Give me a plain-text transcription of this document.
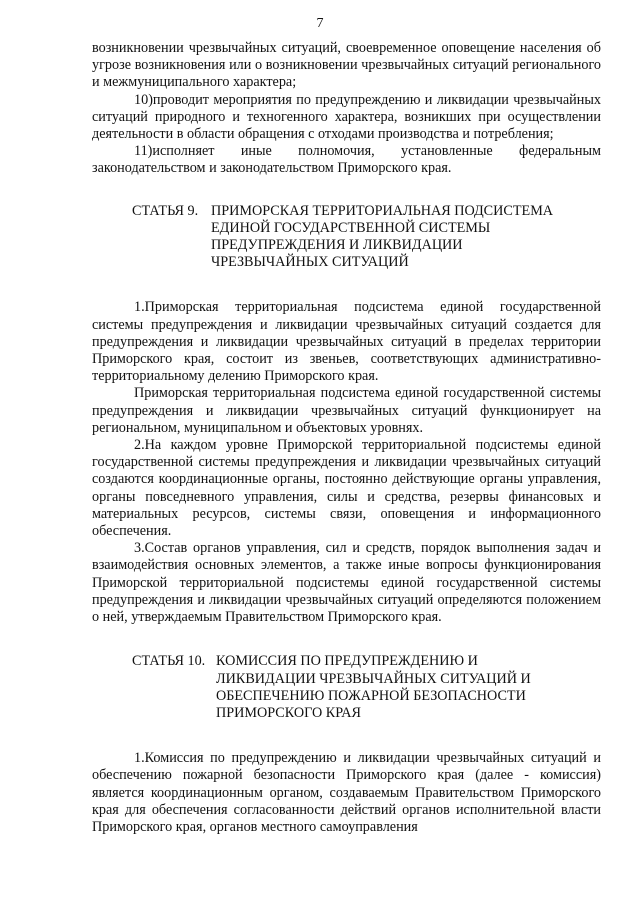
7

возникновении чрезвычайных ситуаций, своевременное оповещение населения об угрозе возникновения или о возникновении чрезвычайных ситуаций регионального и межмуниципального характера;

10)проводит мероприятия по предупреждению и ликвидации чрезвычайных ситуаций природного и техногенного характера, возникших при осуществлении деятельности в области обращения с отходами производства и потребления;

11)исполняет иные полномочия, установленные федеральным законодательством и законодательством Приморского края.

СТАТЬЯ 9. ПРИМОРСКАЯ ТЕРРИТОРИАЛЬНАЯ ПОДСИСТЕМА
ЕДИНОЙ ГОСУДАРСТВЕННОЙ СИСТЕМЫ
ПРЕДУПРЕЖДЕНИЯ И ЛИКВИДАЦИИ
ЧРЕЗВЫЧАЙНЫХ СИТУАЦИЙ

1.Приморская территориальная подсистема единой государственной системы предупреждения и ликвидации чрезвычайных ситуаций создается для предупреждения и ликвидации чрезвычайных ситуаций в пределах территории Приморского края, состоит из звеньев, соответствующих административно-территориальному делению Приморского края.

Приморская территориальная подсистема единой государственной системы предупреждения и ликвидации чрезвычайных ситуаций функционирует на региональном, муниципальном и объектовых уровнях.

2.На каждом уровне Приморской территориальной подсистемы единой государственной системы предупреждения и ликвидации чрезвычайных ситуаций создаются координационные органы, постоянно действующие органы управления, органы повседневного управления, силы и средства, резервы финансовых и материальных ресурсов, системы связи, оповещения и информационного обеспечения.

3.Состав органов управления, сил и средств, порядок выполнения задач и взаимодействия основных элементов, а также иные вопросы функционирования Приморской территориальной подсистемы единой государственной системы предупреждения и ликвидации чрезвычайных ситуаций определяются положением о ней, утверждаемым Правительством Приморского края.

СТАТЬЯ 10. КОМИССИЯ ПО ПРЕДУПРЕЖДЕНИЮ И
ЛИКВИДАЦИИ ЧРЕЗВЫЧАЙНЫХ СИТУАЦИЙ И
ОБЕСПЕЧЕНИЮ ПОЖАРНОЙ БЕЗОПАСНОСТИ
ПРИМОРСКОГО КРАЯ

1.Комиссия по предупреждению и ликвидации чрезвычайных ситуаций и обеспечению пожарной безопасности Приморского края (далее - комиссия) является координационным органом, создаваемым Правительством Приморского края для обеспечения согласованности действий органов исполнительной власти Приморского края, органов местного самоуправления
